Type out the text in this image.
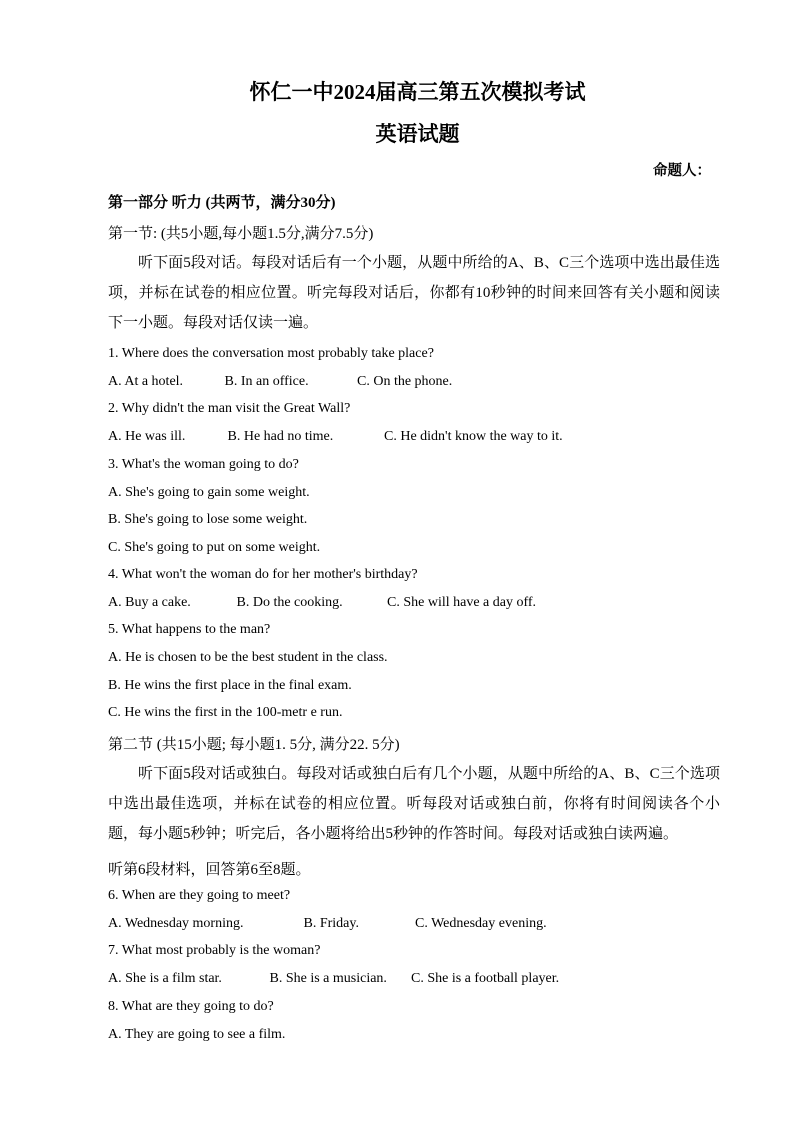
怀仁一中2024届高三第五次模拟考试
英语试题
命题人：
第一部分 听力 (共两节，满分30分)
第一节: (共5小题,每小题1.5分,满分7.5分)
听下面5段对话。每段对话后有一个小题，从题中所给的A、B、C三个选项中选出最佳选项，并标在试卷的相应位置。听完每段对话后，你都有10秒钟的时间来回答有关小题和阅读下一小题。每段对话仅读一遍。
1. Where does the conversation most probably take place?
A. At a hotel.	B. In an office.	C. On the phone.
2. Why didn't the man visit the Great Wall?
A. He was ill.	B. He had no time.	C. He didn't know the way to it.
3. What's the woman going to do?
A. She's going to gain some weight.
B. She's going to lose some weight.
C. She's going to put on some weight.
4. What won't the woman do for her mother's birthday?
A. Buy a cake.	B. Do the cooking.	C. She will have a day off.
5. What happens to the man?
A. He is chosen to be the best student in the class.
B. He wins the first place in the final exam.
C. He wins the first in the 100-metr e run.
第二节 (共15小题; 每小题1. 5分, 满分22. 5分)
听下面5段对话或独白。每段对话或独白后有几个小题，从题中所给的A、B、C三个选项中选出最佳选项，并标在试卷的相应位置。听每段对话或独白前，你将有时间阅读各个小题，每小题5秒钟；听完后，各小题将给出5秒钟的作答时间。每段对话或独白读两遍。
听第6段材料，回答第6至8题。
6. When are they going to meet?
A. Wednesday morning.	B. Friday.	C. Wednesday evening.
7. What most probably is the woman?
A. She is a film star.	B. She is a musician. C. She is a football player.
8. What are they going to do?
A. They are going to see a film.
